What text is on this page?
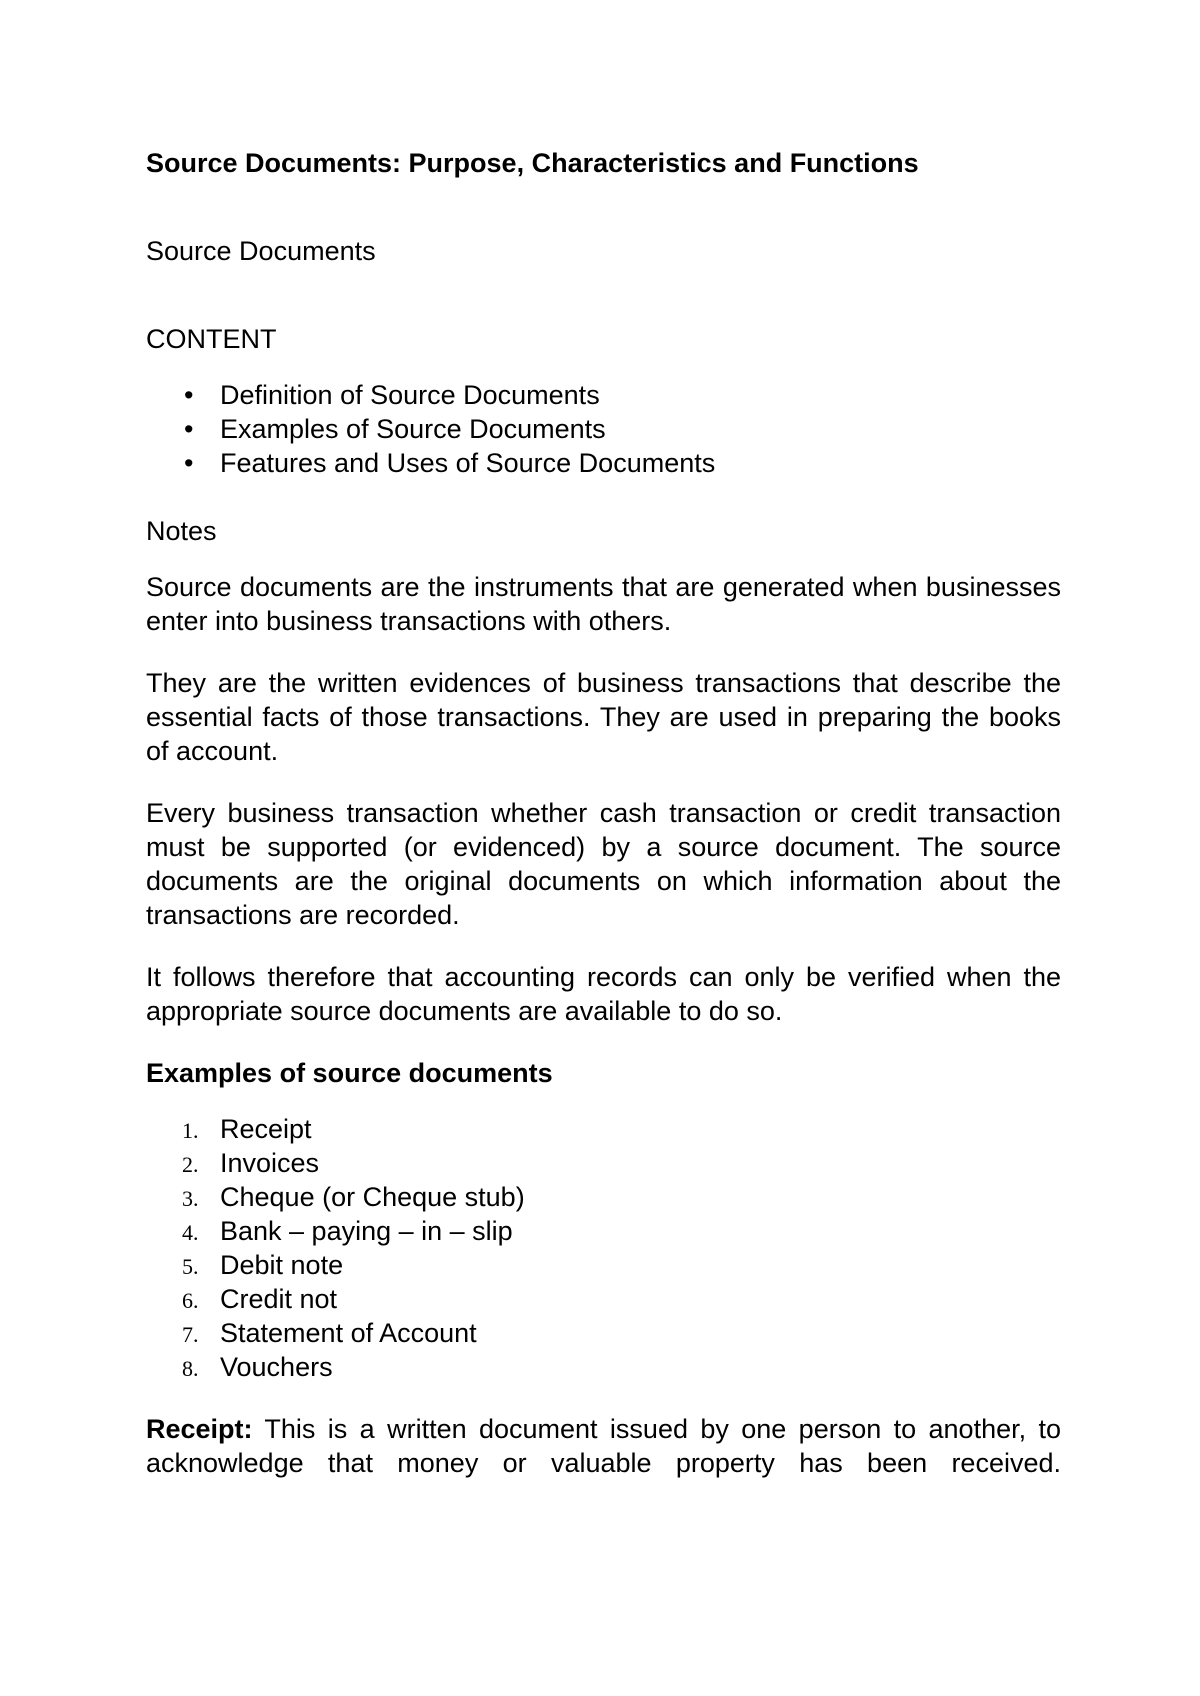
Source Documents: Purpose, Characteristics and Functions
Source Documents
CONTENT
• Definition of Source Documents
• Examples of Source Documents
• Features and Uses of Source Documents
Notes

Source documents are the instruments that are generated when businesses enter into business transactions with others.

They are the written evidences of business transactions that describe the essential facts of those transactions. They are used in preparing the books of account.

Every business transaction whether cash transaction or credit transaction must be supported (or evidenced) by a source document. The source documents are the original documents on which information about the transactions are recorded.

It follows therefore that accounting records can only be verified when the appropriate source documents are available to do so.

Examples of source documents
1. Receipt
2. Invoices
3. Cheque (or Cheque stub)
4. Bank – paying – in – slip
5. Debit note
6. Credit not
7. Statement of Account
8. Vouchers

Receipt: This is a written document issued by one person to another, to acknowledge that money or valuable property has been received.
